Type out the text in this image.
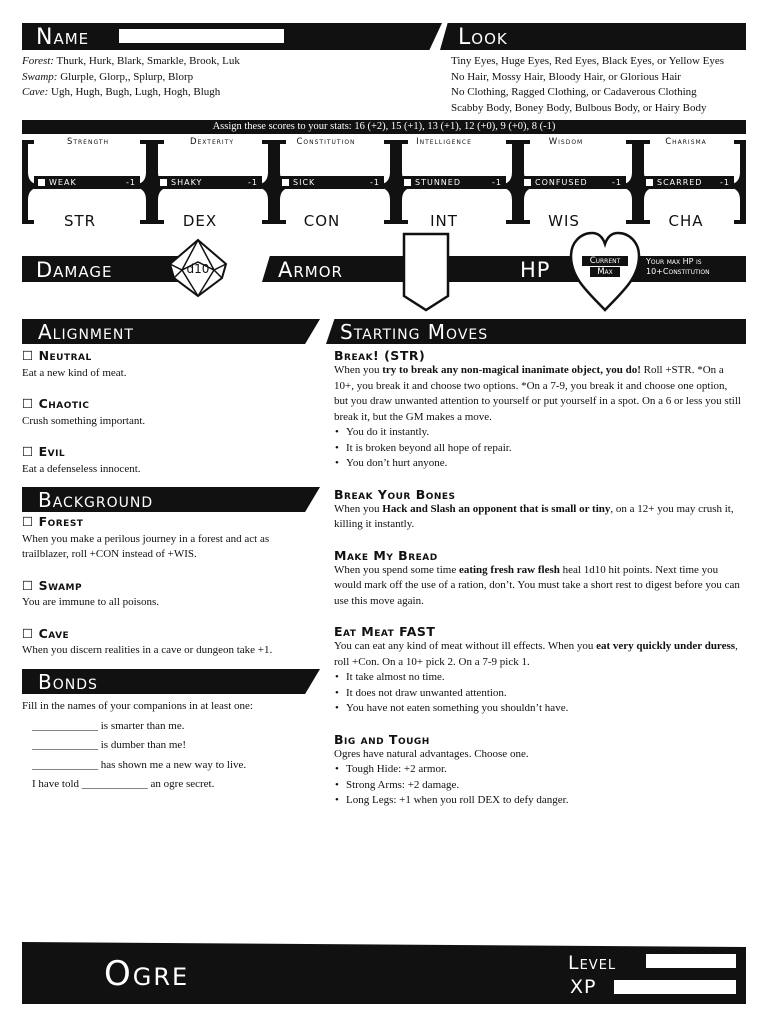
Name	Look

Forest: Thurk, Hurk, Blark, Smarkle, Brook, Luk

Swamp: Glurple, Glorp,, Splurp, Blorp

Cave: Ugh, Hugh, Bugh, Lugh, Hogh, Blugh

Tiny Eyes, Huge Eyes, Red Eyes, Black Eyes, or Yellow Eyes

No Hair, Mossy Hair, Bloody Hair, or Glorious Hair

No Clothing, Ragged Clothing, or Cadaverous Clothing

Scabby Body, Boney Body, Bulbous Body, or Hairy Body

Assign these scores to your stats: 16 (+2), 15 (+1), 13 (+1), 12 (+0), 9 (+0), 8 (-1)
Strength	Dexterity	Constitution	Intelligence	Wisdom	Charisma
WEAK	-1	SHAKY	-1	SICK	-1	STUNNED	-1	CONFUSED	-1	SCARRED -1
STR	DEX	CON	INT	WIS	CHA
Damage	d10	Armor	HP	Current
Max
Your max HP is
10+Constitution
Alignment
☐ Neutral

Eat a new kind of meat.

☐ Chaotic

Crush something important.

☐ Evil

Eat a defenseless innocent.

Background
☐ Forest

When you make a perilous journey in a forest and act as trailblazer, roll +CON instead of +WIS.

☐ Swamp

You are immune to all poisons.

☐ Cave

When you discern realities in a cave or dungeon take +1.

Bonds

Fill in the names of your companions in at least one:

____________ is smarter than me.

____________ is dumber than me!

____________ has shown me a new way to live.

I have told ____________ an ogre secret.

Starting Moves

Break! (STR)

When you try to break any non-magical inanimate object, you do! Roll +STR. *On a 10+, you break it and choose two options. *On a 7-9, you break it and choose one option, but you draw unwanted attention to yourself or put yourself in a spot. On a 6 or less you still break it, but the GM makes a move.

• You do it instantly.
• It is broken beyond all hope of repair.
• You don’t hurt anyone.

Break Your Bones

When you Hack and Slash an opponent that is small or tiny, on a 12+ you may crush it, killing it instantly.

Make My Bread

When you spend some time eating fresh raw flesh heal 1d10 hit points. Next time you would mark off the use of a ration, don’t. You must take a short rest to digest before you can use this move again.

Eat Meat FAST

You can eat any kind of meat without ill effects. When you eat very quickly under duress, roll +Con. On a 10+ pick 2. On a 7-9 pick 1.

• It take almost no time.
• It does not draw unwanted attention.
• You have not eaten something you shouldn’t have.

Big and Tough

Ogres have natural advantages. Choose one.

• Tough Hide: +2 armor.
• Strong Arms: +2 damage.
• Long Legs: +1 when you roll DEX to defy danger.
Ogre	Level
XP
